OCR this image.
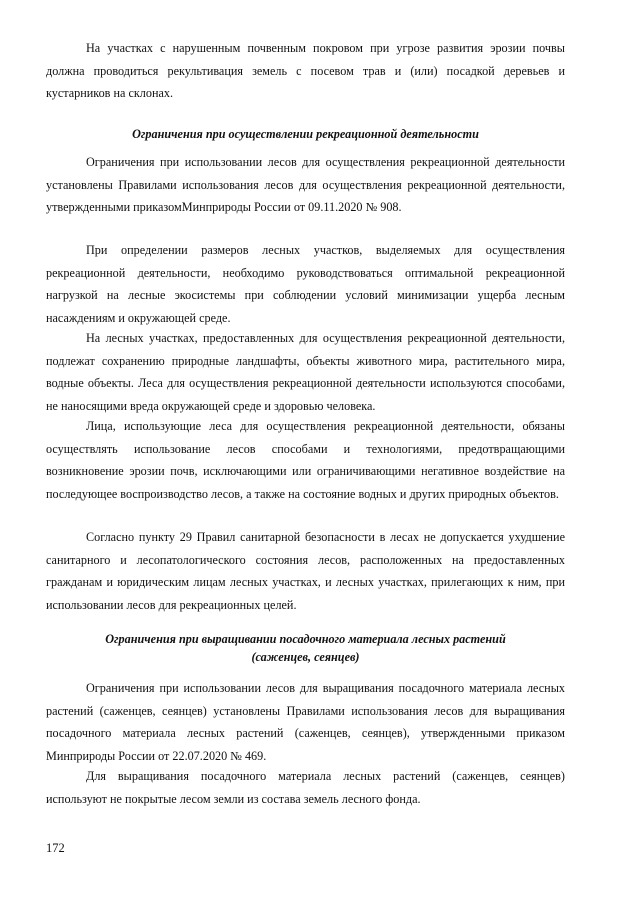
На участках с нарушенным почвенным покровом при угрозе развития эрозии почвы должна проводиться рекультивация земель с посевом трав и (или) посадкой деревьев и кустарников на склонах.

Ограничения при осуществлении рекреационной деятельности

Ограничения при использовании лесов для осуществления рекреационной деятельности установлены Правилами использования лесов для осуществления рекреационной деятельности, утвержденными приказомМинприроды России от 09.11.2020 № 908.

При определении размеров лесных участков, выделяемых для осуществления рекреационной деятельности, необходимо руководствоваться оптимальной рекреационной нагрузкой на лесные экосистемы при соблюдении условий минимизации ущерба лесным насаждениям и окружающей среде.

На лесных участках, предоставленных для осуществления рекреационной деятельности, подлежат сохранению природные ландшафты, объекты животного мира, растительного мира, водные объекты. Леса для осуществления рекреационной деятельности используются способами, не наносящими вреда окружающей среде и здоровью человека.

Лица, использующие леса для осуществления рекреационной деятельности, обязаны осуществлять использование лесов способами и технологиями, предотвращающими возникновение эрозии почв, исключающими или ограничивающими негативное воздействие на последующее воспроизводство лесов, а также на состояние водных и других природных объектов.

Согласно пункту 29 Правил санитарной безопасности в лесах не допускается ухудшение санитарного и лесопатологического состояния лесов, расположенных на предоставленных гражданам и юридическим лицам лесных участках, и лесных участках, прилегающих к ним, при использовании лесов для рекреационных целей.

Ограничения при выращивании посадочного материала лесных растений
(саженцев, сеянцев)

Ограничения при использовании лесов для выращивания посадочного материала лесных растений (саженцев, сеянцев) установлены Правилами использования лесов для выращивания посадочного материала лесных растений (саженцев, сеянцев), утвержденными приказом Минприроды России от 22.07.2020 № 469.

Для выращивания посадочного материала лесных растений (саженцев, сеянцев) используют не покрытые лесом земли из состава земель лесного фонда.

172
